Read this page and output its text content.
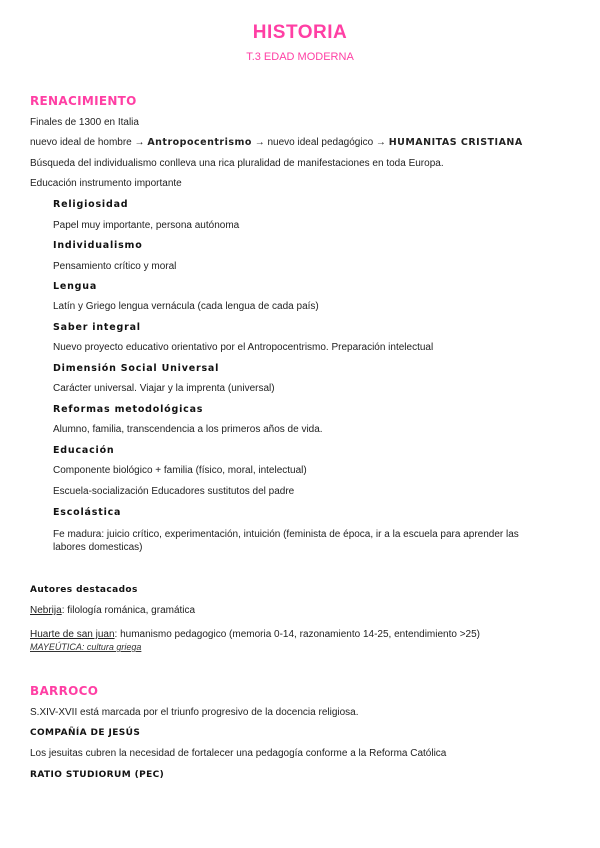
HISTORIA
T.3 EDAD MODERNA
RENACIMIENTO
Finales de 1300 en Italia
nuevo ideal de hombre → Antropocentrismo → nuevo ideal pedagógico → HUMANITAS CRISTIANA
Búsqueda del individualismo conlleva una rica pluralidad de manifestaciones en toda Europa.
Educación instrumento importante
Religiosidad
Papel muy importante, persona autónoma
Individualismo
Pensamiento crítico y moral
Lengua
Latín y Griego lengua vernácula (cada lengua de cada país)
Saber integral
Nuevo proyecto educativo orientativo por el Antropocentrismo. Preparación intelectual
Dimensión Social Universal
Carácter universal. Viajar y la imprenta (universal)
Reformas metodológicas
Alumno, familia, transcendencia a los primeros años de vida.
Educación
Componente biológico + familia (físico, moral, intelectual)
Escuela-socialización Educadores sustitutos del padre
Escolástica
Fe madura: juicio crítico, experimentación, intuición (feminista de época, ir a la escuela para aprender las labores domesticas)
Autores destacados
Nebrija: filología románica, gramática
Huarte de san juan: humanismo pedagogico (memoria 0-14, razonamiento 14-25, entendimiento >25)
MAYEÚTICA: cultura griega
BARROCO
S.XIV-XVII está marcada por el triunfo progresivo de la docencia religiosa.
COMPAÑÍA DE JESÚS
Los jesuitas cubren la necesidad de fortalecer una pedagogía conforme a la Reforma Católica
RATIO STUDIORUM (PEC)
